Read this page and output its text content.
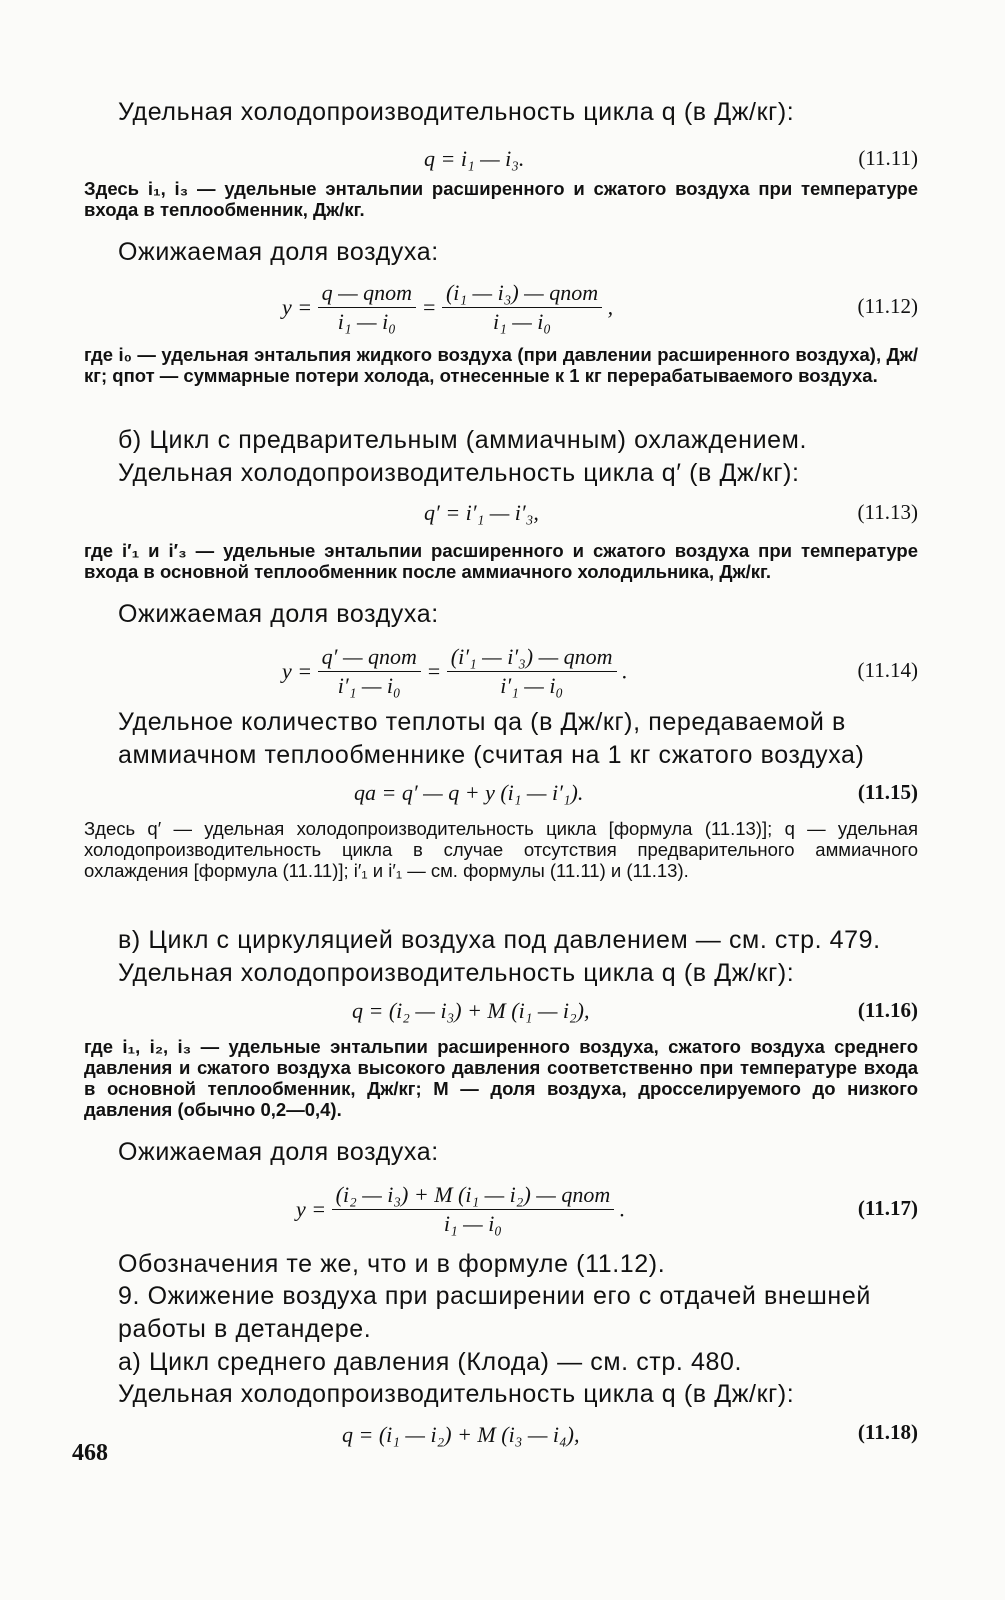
Удельная холодопроизводительность цикла q (в Дж/кг):

q = i₁ — i₃.	(11.11)

Здесь i₁, i₃ — удельные энтальпии расширенного и сжатого воздуха при температуре входа в теплообменник, Дж/кг.

Ожижаемая доля воздуха:

$y = \frac{\text{q — qпот}}{\text{i₁ — i₀}} = \frac{\text{(i₁ — i₃) — qпот}}{\text{i₁ — i₀}}$ ,	(11.12)

где i₀ — удельная энтальпия жидкого воздуха (при давлении расширенного воздуха), Дж/кг; qпот — суммарные потери холода, отнесенные к 1 кг перерабатываемого воздуха.

б) Цикл с предварительным (аммиачным) охлаждением. Удельная холодопроизводительность цикла q′ (в Дж/кг):

q′ = i′₁ — i′₃,	(11.13)

где i′₁ и i′₃ — удельные энтальпии расширенного и сжатого воздуха при температуре входа в основной теплообменник после аммиачного холодильника, Дж/кг.

Ожижаемая доля воздуха:

$y = \frac{\text{q′ — qпот}}{\text{i′₁ — i₀}} = \frac{\text{(i′₁ — i′₃) — qпот}}{\text{i′₁ — i₀}}$ .	(11.14)

Удельное количество теплоты qа (в Дж/кг), передаваемой в аммиачном теплообменнике (считая на 1 кг сжатого воздуха)

qа = q′ — q + y (i₁ — i′₁).	(11.15)

Здесь q′ — удельная холодопроизводительность цикла [формула (11.13)]; q — удельная холодопроизводительность цикла в случае отсутствия предварительного аммиачного охлаждения [формула (11.11)]; i′₁ и i′₁ — см. формулы (11.11) и (11.13).

в) Цикл с циркуляцией воздуха под давлением — см. стр. 479. Удельная холодопроизводительность цикла q (в Дж/кг):

q = (i₂ — i₃) + M (i₁ — i₂),	(11.16)

где i₁, i₂, i₃ — удельные энтальпии расширенного воздуха, сжатого воздуха среднего давления и сжатого воздуха высокого давления соответственно при температуре входа в основной теплообменник, Дж/кг; M — доля воздуха, дросселируемого до низкого давления (обычно 0,2—0,4).

Ожижаемая доля воздуха:

$y = \frac{\text{(i₂ — i₃) + M (i₁ — i₂) — qпот}}{\text{i₁ — i₀}}$ .	(11.17)

Обозначения те же, что и в формуле (11.12).

9. Ожижение воздуха при расширении его с отдачей внешней работы в детандере.

а) Цикл среднего давления (Клода) — см. стр. 480.

Удельная холодопроизводительность цикла q (в Дж/кг):

q = (i₁ — i₂) + M (i₃ — i₄),	(11.18)
468
